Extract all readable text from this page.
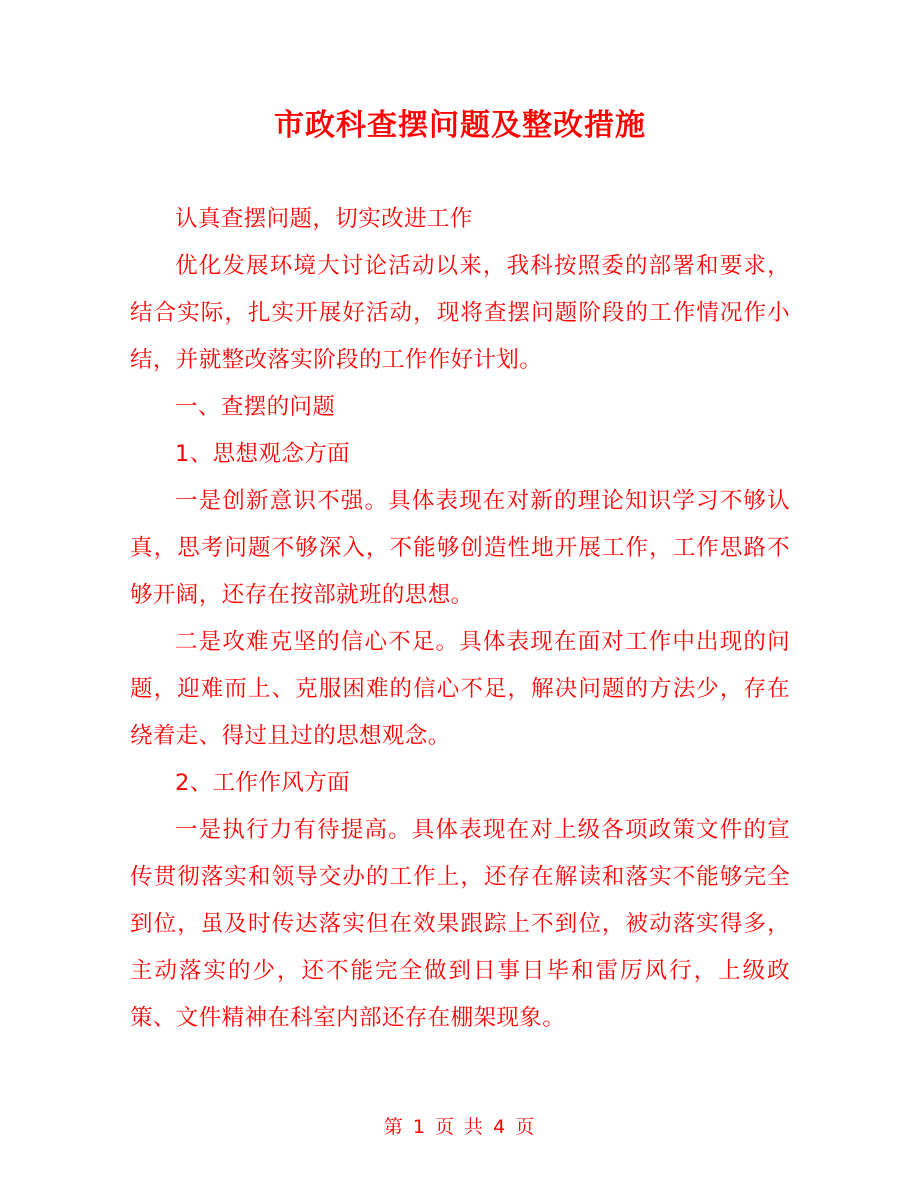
市政科查摆问题及整改措施

认真查摆问题，切实改进工作

优化发展环境大讨论活动以来，我科按照委的部署和要求，结合实际，扎实开展好活动，现将查摆问题阶段的工作情况作小结，并就整改落实阶段的工作作好计划。

一、查摆的问题

1、思想观念方面

一是创新意识不强。具体表现在对新的理论知识学习不够认真，思考问题不够深入，不能够创造性地开展工作，工作思路不够开阔，还存在按部就班的思想。

二是攻难克坚的信心不足。具体表现在面对工作中出现的问题，迎难而上、克服困难的信心不足，解决问题的方法少，存在绕着走、得过且过的思想观念。

2、工作作风方面

一是执行力有待提高。具体表现在对上级各项政策文件的宣传贯彻落实和领导交办的工作上，还存在解读和落实不能够完全到位，虽及时传达落实但在效果跟踪上不到位，被动落实得多，主动落实的少，还不能完全做到日事日毕和雷厉风行，上级政策、文件精神在科室内部还存在棚架现象。

第 1 页 共 4 页
